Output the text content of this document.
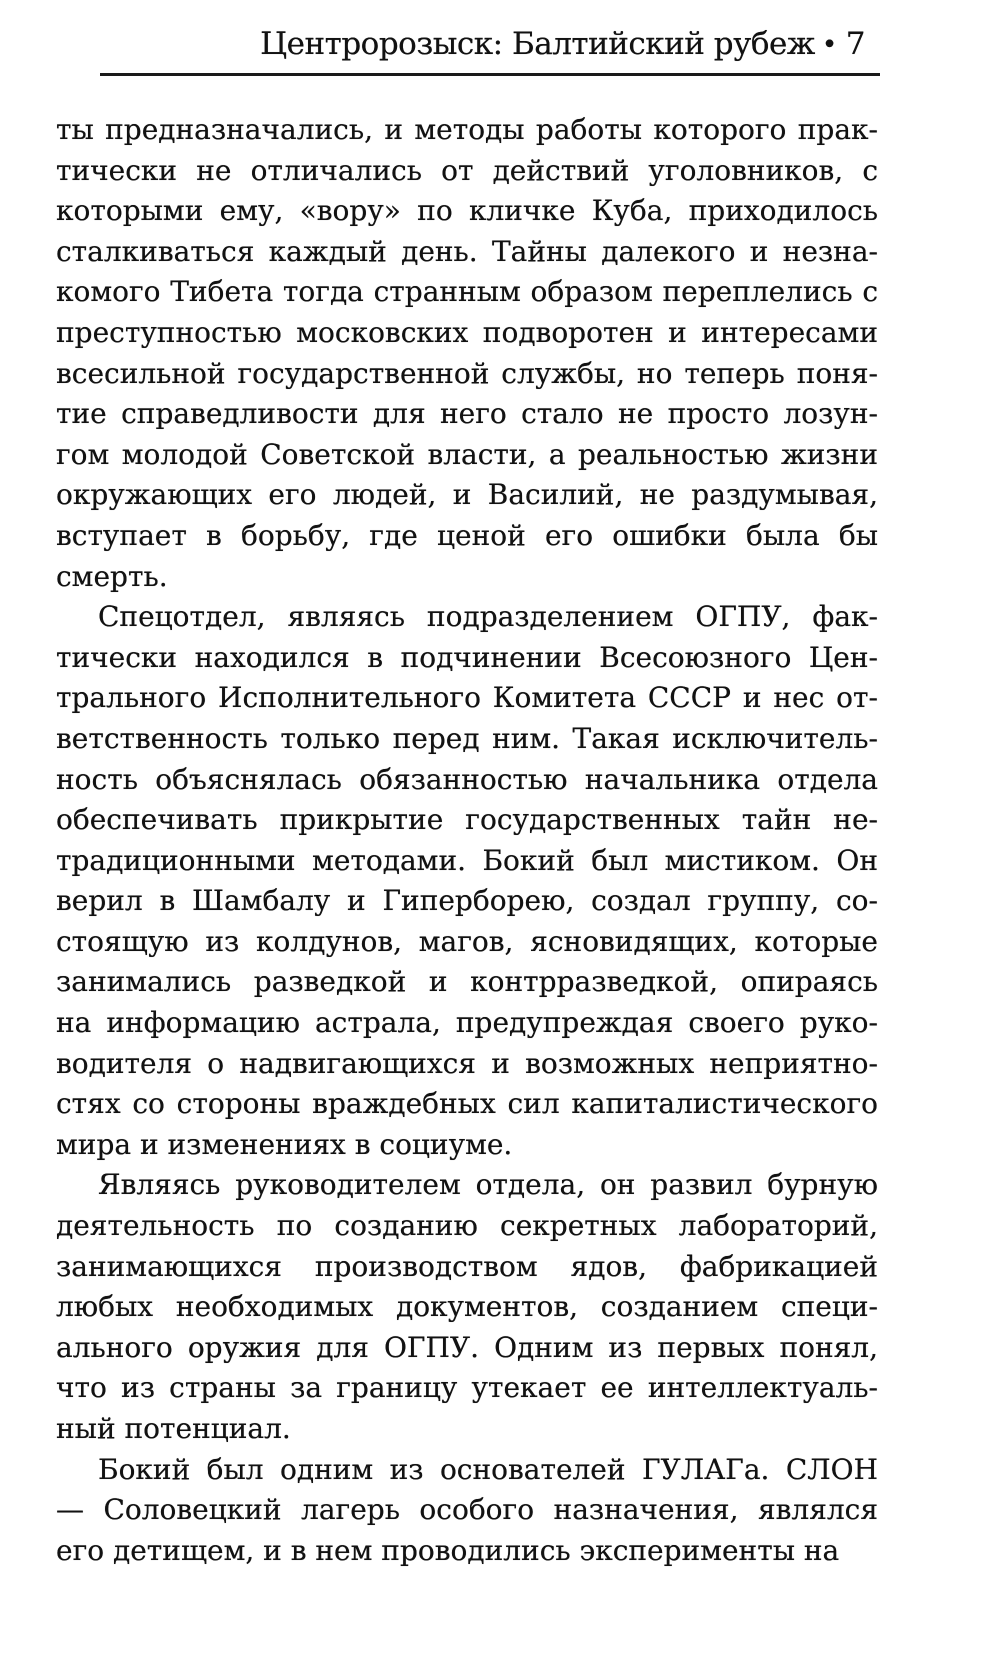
Центророзыск: Балтийский рубеж • 7
ты предназначались, и методы работы которого прак-
тически не отличались от действий уголовников, с
которыми ему, «вору» по кличке Куба, приходилось
сталкиваться каждый день. Тайны далекого и незна-
комого Тибета тогда странным образом переплелись с
преступностью московских подворотен и интересами
всесильной государственной службы, но теперь поня-
тие справедливости для него стало не просто лозун-
гом молодой Советской власти, а реальностью жизни
окружающих его людей, и Василий, не раздумывая,
вступает в борьбу, где ценой его ошибки была бы
смерть.
Спецотдел, являясь подразделением ОГПУ, фак-
тически находился в подчинении Всесоюзного Цен-
трального Исполнительного Комитета СССР и нес от-
ветственность только перед ним. Такая исключитель-
ность объяснялась обязанностью начальника отдела
обеспечивать прикрытие государственных тайн не-
традиционными методами. Бокий был мистиком. Он
верил в Шамбалу и Гиперборею, создал группу, со-
стоящую из колдунов, магов, ясновидящих, которые
занимались разведкой и контрразведкой, опираясь
на информацию астрала, предупреждая своего руко-
водителя о надвигающихся и возможных неприятно-
стях со стороны враждебных сил капиталистического
мира и изменениях в социуме.
Являясь руководителем отдела, он развил бурную
деятельность по созданию секретных лабораторий,
занимающихся производством ядов, фабрикацией
любых необходимых документов, созданием специ-
ального оружия для ОГПУ. Одним из первых понял,
что из страны за границу утекает ее интеллектуаль-
ный потенциал.
Бокий был одним из основателей ГУЛАГа. СЛОН
— Соловецкий лагерь особого назначения, являлся
его детищем, и в нем проводились эксперименты на
